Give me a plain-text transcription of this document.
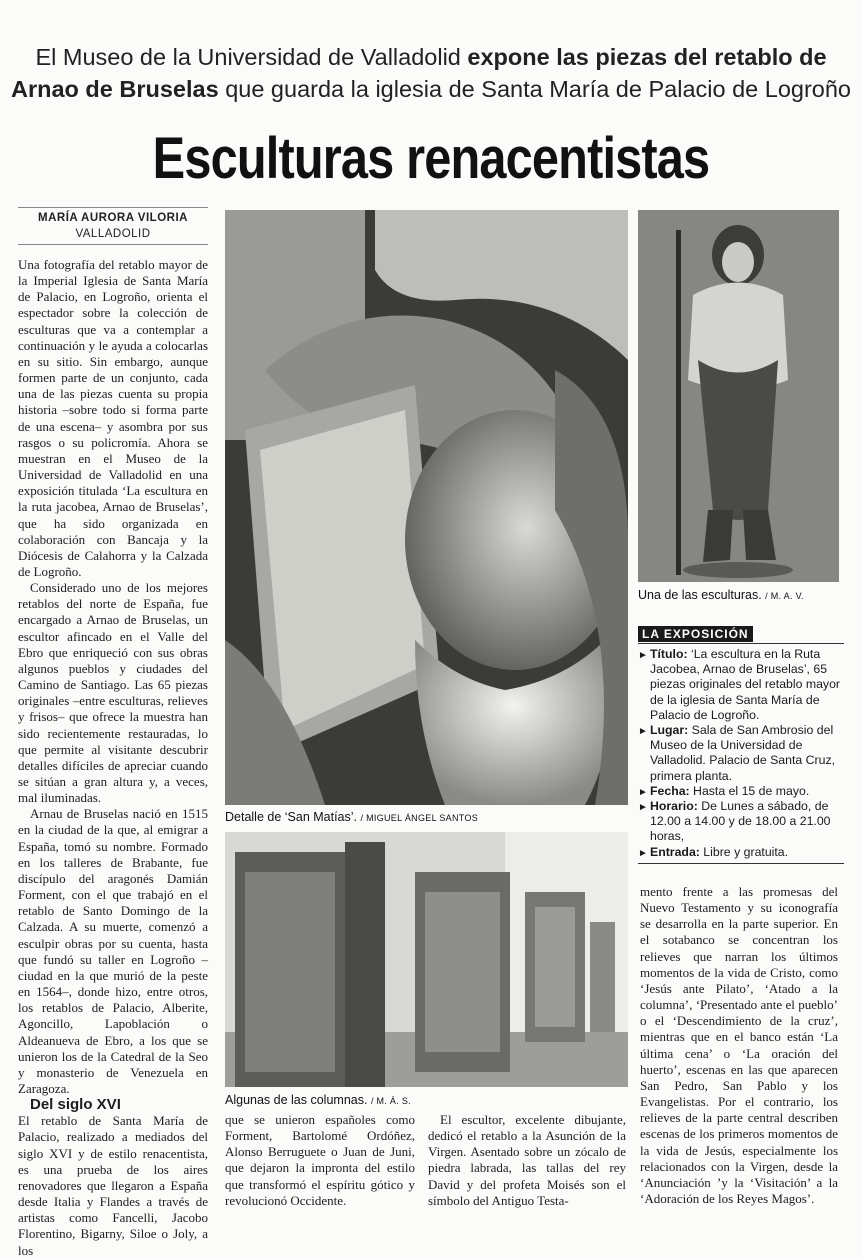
El Museo de la Universidad de Valladolid expone las piezas del retablo de
Arnao de Bruselas que guarda la iglesia de Santa María de Palacio de Logroño
Esculturas renacentistas
MARÍA AURORA VILORIA
VALLADOLID

Una fotografía del retablo mayor de la Imperial Iglesia de Santa María de Palacio, en Logroño, orienta el espectador sobre la colección de esculturas que va a contemplar a continuación y le ayuda a colocarlas en su sitio. Sin embargo, aunque formen parte de un conjunto, cada una de las piezas cuenta su propia historia –sobre todo si forma parte de una escena– y asombra por sus rasgos o su policromía. Ahora se muestran en el Museo de la Universidad de Valladolid en una exposición titulada ‘La escultura en la ruta jacobea, Arnao de Bruselas’, que ha sido organizada en colaboración con Bancaja y la Diócesis de Calahorra y la Calzada de Logroño.

Considerado uno de los mejores retablos del norte de España, fue encargado a Arnao de Bruselas, un escultor afincado en el Valle del Ebro que enriqueció con sus obras algunos pueblos y ciudades del Camino de Santiago. Las 65 piezas originales –entre esculturas, relieves y frisos– que ofrece la muestra han sido recientemente restauradas, lo que permite al visitante descubrir detalles difíciles de apreciar cuando se sitúan a gran altura y, a veces, mal iluminadas.

Arnau de Bruselas nació en 1515 en la ciudad de la que, al emigrar a España, tomó su nombre. Formado en los talleres de Brabante, fue discípulo del aragonés Damián Forment, con el que trabajó en el retablo de Santo Domingo de la Calzada. A su muerte, comenzó a esculpir obras por su cuenta, hasta que fundó su taller en Logroño –ciudad en la que murió de la peste en 1564–, donde hizo, entre otros, los retablos de Palacio, Alberite, Agoncillo, Lapoblación o Aldeanueva de Ebro, a los que se unieron los de la Catedral de la Seo y monasterio de Venezuela en Zaragoza.

Del siglo XVI

El retablo de Santa María de Palacio, realizado a mediados del siglo XVI y de estilo renacentista, es una prueba de los aires renovadores que llegaron a España desde Italia y Flandes a través de artistas como Fancelli, Jacobo Florentino, Bigarny, Siloe o Joly, a los

Detalle de ‘San Matías’. / MIGUEL ÁNGEL SANTOS
Una de las esculturas. / M. A. V.
LA EXPOSICIÓN
► Título: ‘La escultura en la Ruta Jacobea, Arnao de Bruselas’, 65 piezas originales del retablo mayor de la iglesia de Santa María de Palacio de Logroño.
► Lugar: Sala de San Ambrosio del Museo de la Universidad de Valladolid. Palacio de Santa Cruz, primera planta.
► Fecha: Hasta el 15 de mayo.
► Horario: De Lunes a sábado, de 12.00 a 14.00 y de 18.00 a 21.00 horas,
► Entrada: Libre y gratuita.
Algunas de las columnas. / M. Á. S.

que se unieron españoles como Forment, Bartolomé Ordóñez, Alonso Berruguete o Juan de Juni, que dejaron la impronta del estilo que transformó el espíritu gótico y revolucionó Occidente.

El escultor, excelente dibujante, dedicó el retablo a la Asunción de la Virgen. Asentado sobre un zócalo de piedra labrada, las tallas del rey David y del profeta Moisés son el símbolo del Antiguo Testa-

mento frente a las promesas del Nuevo Testamento y su iconografía se desarrolla en la parte superior. En el sotabanco se concentran los relieves que narran los últimos momentos de la vida de Cristo, como ‘Jesús ante Pilato’, ‘Atado a la columna’, ‘Presentado ante el pueblo’ o el ‘Descendimiento de la cruz’, mientras que en el banco están ‘La última cena’ o ‘La oración del huerto’, escenas en las que aparecen San Pedro, San Pablo y los Evangelistas. Por el contrario, los relieves de la parte central describen escenas de los primeros momentos de la vida de Jesús, especialmente los relacionados con la Virgen, desde la ‘Anunciación ’y la ‘Visitación’ a la ‘Adoración de los Reyes Magos’.
